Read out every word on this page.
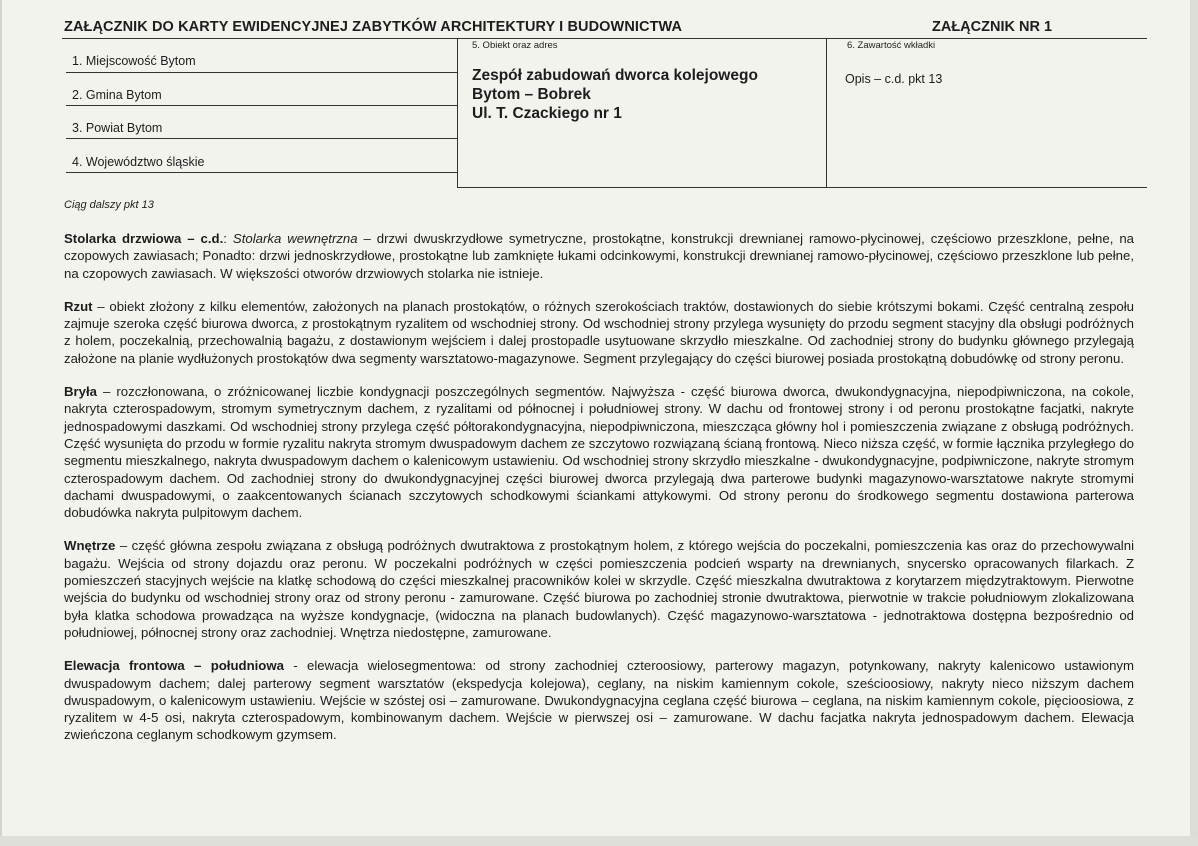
ZAŁĄCZNIK DO KARTY EWIDENCYJNEJ ZABYTKÓW ARCHITEKTURY I BUDOWNICTWA	ZAŁĄCZNIK NR 1
1. Miejscowość Bytom
2. Gmina Bytom
3. Powiat Bytom
4. Województwo śląskie
5. Obiekt oraz adres
Zespół zabudowań dworca kolejowego
Bytom – Bobrek
Ul. T. Czackiego nr 1
6. Zawartość wkładki
Opis – c.d. pkt 13
Ciąg dalszy pkt 13

Stolarka drzwiowa – c.d.: Stolarka wewnętrzna – drzwi dwuskrzydłowe symetryczne, prostokątne, konstrukcji drewnianej ramowo-płycinowej, częściowo przeszklone, pełne, na czopowych zawiasach; Ponadto: drzwi jednoskrzydłowe, prostokątne lub zamknięte łukami odcinkowymi, konstrukcji drewnianej ramowo-płycinowej, częściowo przeszklone lub pełne, na czopowych zawiasach. W większości otworów drzwiowych stolarka nie istnieje.

Rzut – obiekt złożony z kilku elementów, założonych na planach prostokątów, o różnych szerokościach traktów, dostawionych do siebie krótszymi bokami. Część centralną zespołu zajmuje szeroka część biurowa dworca, z prostokątnym ryzalitem od wschodniej strony. Od wschodniej strony przylega wysunięty do przodu segment stacyjny dla obsługi podróżnych z holem, poczekalnią, przechowalnią bagażu, z dostawionym wejściem i dalej prostopadle usytuowane skrzydło mieszkalne. Od zachodniej strony do budynku głównego przylegają założone na planie wydłużonych prostokątów dwa segmenty warsztatowo-magazynowe. Segment przylegający do części biurowej posiada prostokątną dobudówkę od strony peronu.

Bryła – rozczłonowana, o zróżnicowanej liczbie kondygnacji poszczególnych segmentów. Najwyższa - część biurowa dworca, dwukondygnacyjna, niepodpiwniczona, na cokole, nakryta czterospadowym, stromym symetrycznym dachem, z ryzalitami od północnej i południowej strony. W dachu od frontowej strony i od peronu prostokątne facjatki, nakryte jednospadowymi daszkami. Od wschodniej strony przylega część półtorakondygnacyjna, niepodpiwniczona, mieszcząca główny hol i pomieszczenia związane z obsługą podróżnych. Część wysunięta do przodu w formie ryzalitu nakryta stromym dwuspadowym dachem ze szczytowo rozwiązaną ścianą frontową. Nieco niższa część, w formie łącznika przyległego do segmentu mieszkalnego, nakryta dwuspadowym dachem o kalenicowym ustawieniu. Od wschodniej strony skrzydło mieszkalne - dwukondygnacyjne, podpiwniczone, nakryte stromym czterospadowym dachem. Od zachodniej strony do dwukondygnacyjnej części biurowej dworca przylegają dwa parterowe budynki magazynowo-warsztatowe nakryte stromymi dachami dwuspadowymi, o zaakcentowanych ścianach szczytowych schodkowymi ściankami attykowymi. Od strony peronu do środkowego segmentu dostawiona parterowa dobudówka nakryta pulpitowym dachem.

Wnętrze – część główna zespołu związana z obsługą podróżnych dwutraktowa z prostokątnym holem, z którego wejścia do poczekalni, pomieszczenia kas oraz do przechowywalni bagażu. Wejścia od strony dojazdu oraz peronu. W poczekalni podróżnych w części pomieszczenia podcień wsparty na drewnianych, snycersko opracowanych filarkach. Z pomieszczeń stacyjnych wejście na klatkę schodową do części mieszkalnej pracowników kolei w skrzydle. Część mieszkalna dwutraktowa z korytarzem międzytraktowym. Pierwotne wejścia do budynku od wschodniej strony oraz od strony peronu - zamurowane. Część biurowa po zachodniej stronie dwutraktowa, pierwotnie w trakcie południowym zlokalizowana była klatka schodowa prowadząca na wyższe kondygnacje, (widoczna na planach budowlanych). Część magazynowo-warsztatowa - jednotraktowa dostępna bezpośrednio od południowej, północnej strony oraz zachodniej. Wnętrza niedostępne, zamurowane.

Elewacja frontowa – południowa - elewacja wielosegmentowa: od strony zachodniej czteroosiowy, parterowy magazyn, potynkowany, nakryty kalenicowo ustawionym dwuspadowym dachem; dalej parterowy segment warsztatów (ekspedycja kolejowa), ceglany, na niskim kamiennym cokole, sześcioosiowy, nakryty nieco niższym dachem dwuspadowym, o kalenicowym ustawieniu. Wejście w szóstej osi – zamurowane. Dwukondygnacyjna ceglana część biurowa – ceglana, na niskim kamiennym cokole, pięcioosiowa, z ryzalitem w 4-5 osi, nakryta czterospadowym, kombinowanym dachem. Wejście w pierwszej osi – zamurowane. W dachu facjatka nakryta jednospadowym dachem. Elewacja zwieńczona ceglanym schodkowym gzymsem.
